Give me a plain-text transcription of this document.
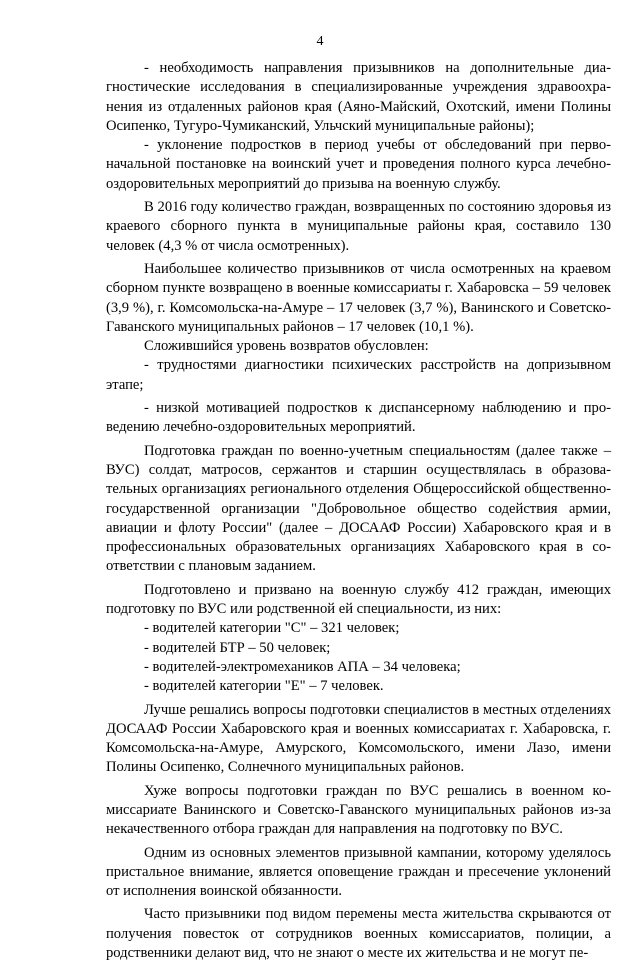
4

- необходимость направления призывников на дополнительные диагностические исследования в специализированные учреждения здравоохранения из отдаленных районов края (Аяно-Майский, Охотский, имени Полины Осипенко, Тугуро-Чумиканский, Ульчский муниципальные районы);

- уклонение подростков в период учебы от обследований при первоначальной постановке на воинский учет и проведения полного курса лечебно-оздоровительных мероприятий до призыва на военную службу.

В 2016 году количество граждан, возвращенных по состоянию здоровья из краевого сборного пункта в муниципальные районы края, составило 130 человек (4,3 % от числа осмотренных).

Наибольшее количество призывников от числа осмотренных на краевом сборном пункте возвращено в военные комиссариаты г. Хабаровска – 59 человек (3,9 %), г. Комсомольска-на-Амуре – 17 человек (3,7 %), Ванинского и Советско-Гаванского муниципальных районов – 17 человек (10,1 %).

Сложившийся уровень возвратов обусловлен:

- трудностями диагностики психических расстройств на допризывном этапе;

- низкой мотивацией подростков к диспансерному наблюдению и проведению лечебно-оздоровительных мероприятий.

Подготовка граждан по военно-учетным специальностям (далее также – ВУС) солдат, матросов, сержантов и старшин осуществлялась в образовательных организациях регионального отделения Общероссийской общественно-государственной организации "Добровольное общество содействия армии, авиации и флоту России" (далее – ДОСААФ России) Хабаровского края и в профессиональных образовательных организациях Хабаровского края в соответствии с плановым заданием.

Подготовлено и призвано на военную службу 412 граждан, имеющих подготовку по ВУС или родственной ей специальности, из них:

- водителей категории "С" – 321 человек;

- водителей БТР – 50 человек;

- водителей-электромехаников АПА – 34 человека;

- водителей категории "Е" – 7 человек.

Лучше решались вопросы подготовки специалистов в местных отделениях ДОСААФ России Хабаровского края и военных комиссариатах г. Хабаровска, г. Комсомольска-на-Амуре, Амурского, Комсомольского, имени Лазо, имени Полины Осипенко, Солнечного муниципальных районов.

Хуже вопросы подготовки граждан по ВУС решались в военном комиссариате Ванинского и Советско-Гаванского муниципальных районов из-за некачественного отбора граждан для направления на подготовку по ВУС.

Одним из основных элементов призывной кампании, которому уделялось пристальное внимание, является оповещение граждан и пресечение уклонений от исполнения воинской обязанности.

Часто призывники под видом перемены места жительства скрываются от получения повесток от сотрудников военных комиссариатов, полиции, а родственники делают вид, что не знают о месте их жительства и не могут пе-
